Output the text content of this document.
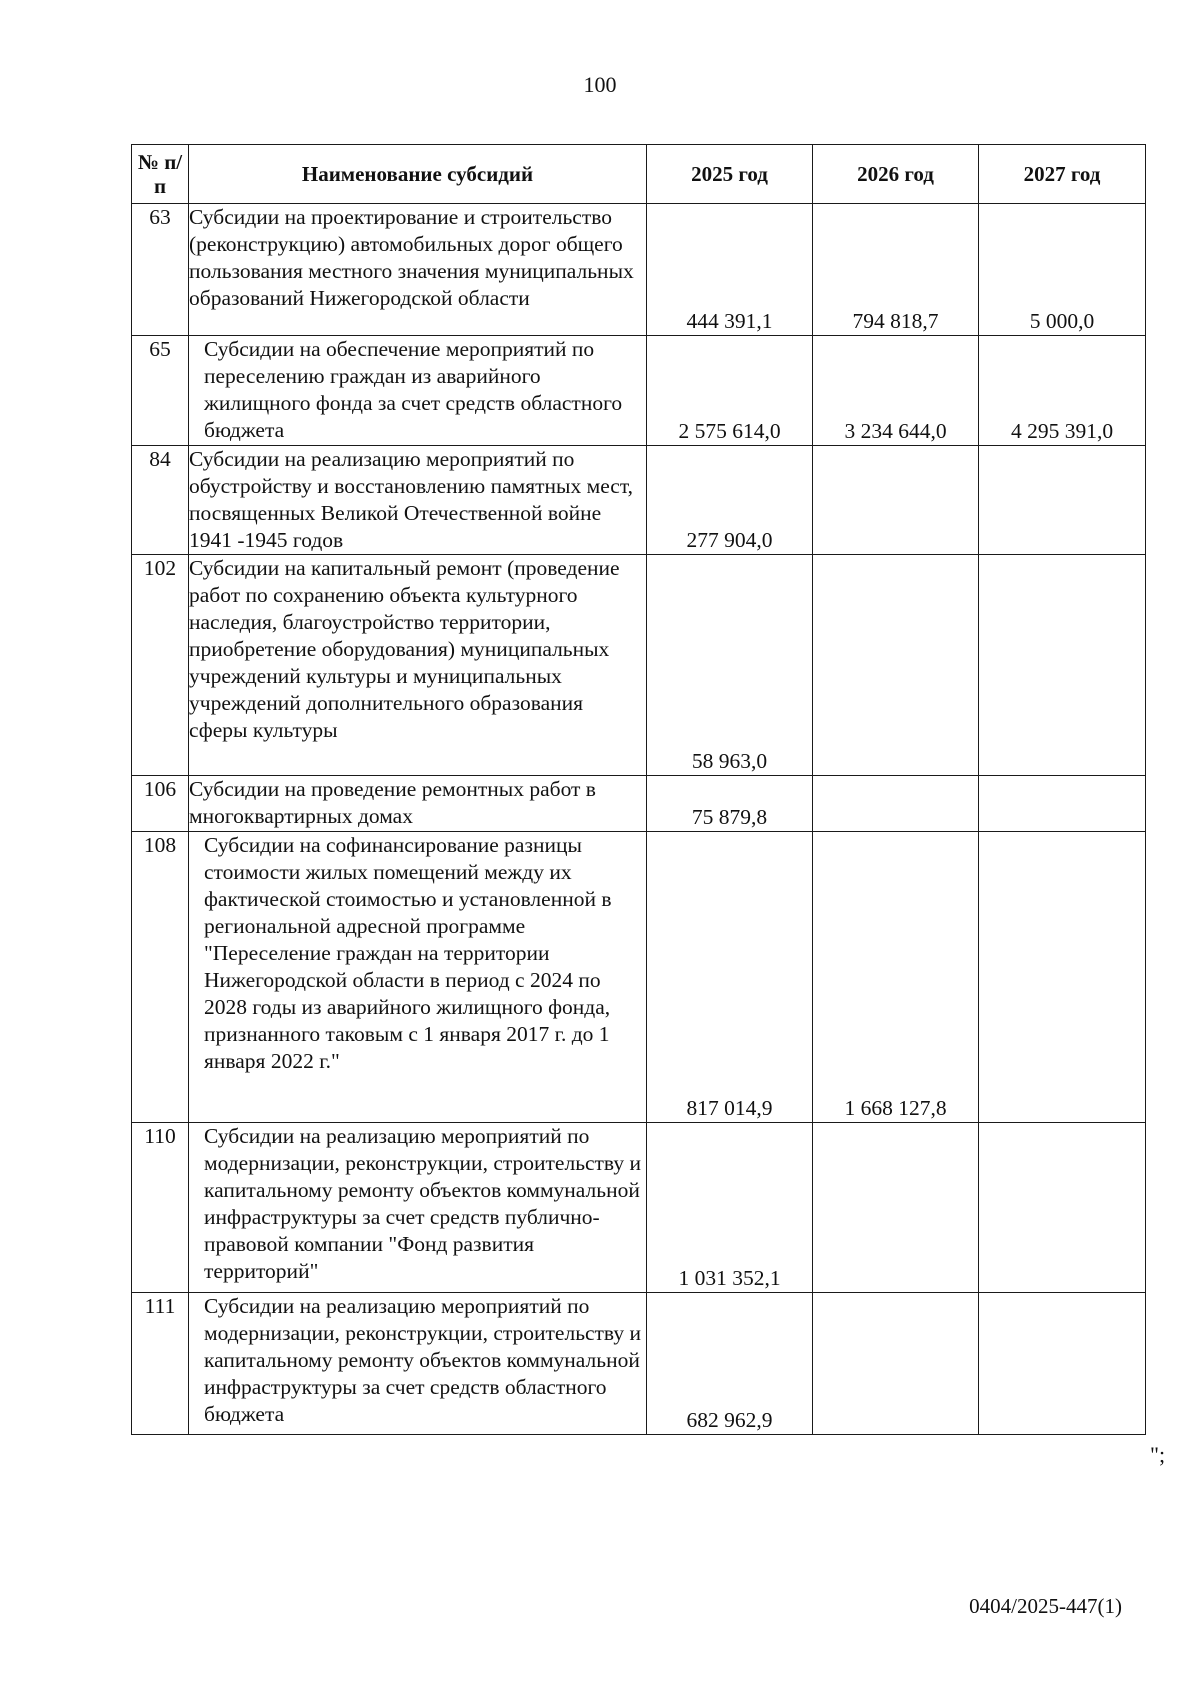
100
№ п/п	Наименование субсидий	2025 год	2026 год	2027 год
63	Субсидии на проектирование и строительство (реконструкцию) автомобильных дорог общего пользования местного значения муниципальных образований Нижегородской области	444 391,1	794 818,7	5 000,0
65	Субсидии на обеспечение мероприятий по переселению граждан из аварийного жилищного фонда за счет средств областного бюджета	2 575 614,0	3 234 644,0	4 295 391,0
84	Субсидии на реализацию мероприятий по обустройству и восстановлению памятных мест, посвященных Великой Отечественной войне 1941 -1945 годов	277 904,0		
102	Субсидии на капитальный ремонт (проведение работ по сохранению объекта культурного наследия, благоустройство территории, приобретение оборудования) муниципальных учреждений культуры и муниципальных учреждений дополнительного образования сферы культуры	58 963,0		
106	Субсидии на проведение ремонтных работ в многоквартирных домах	75 879,8		
108	Субсидии на софинансирование разницы стоимости жилых помещений между их фактической стоимостью и установленной в региональной адресной программе "Переселение граждан на территории Нижегородской области в период с 2024 по 2028 годы из аварийного жилищного фонда, признанного таковым с 1 января 2017 г. до 1 января 2022 г."	817 014,9	1 668 127,8	
110	Субсидии на реализацию мероприятий по модернизации, реконструкции, строительству и капитальному ремонту объектов коммунальной инфраструктуры за счет средств публично-правовой компании "Фонд развития территорий"	1 031 352,1		
111	Субсидии на реализацию мероприятий по модернизации, реконструкции, строительству и капитальному ремонту объектов коммунальной инфраструктуры за счет средств областного бюджета	682 962,9		
";
0404/2025-447(1)
